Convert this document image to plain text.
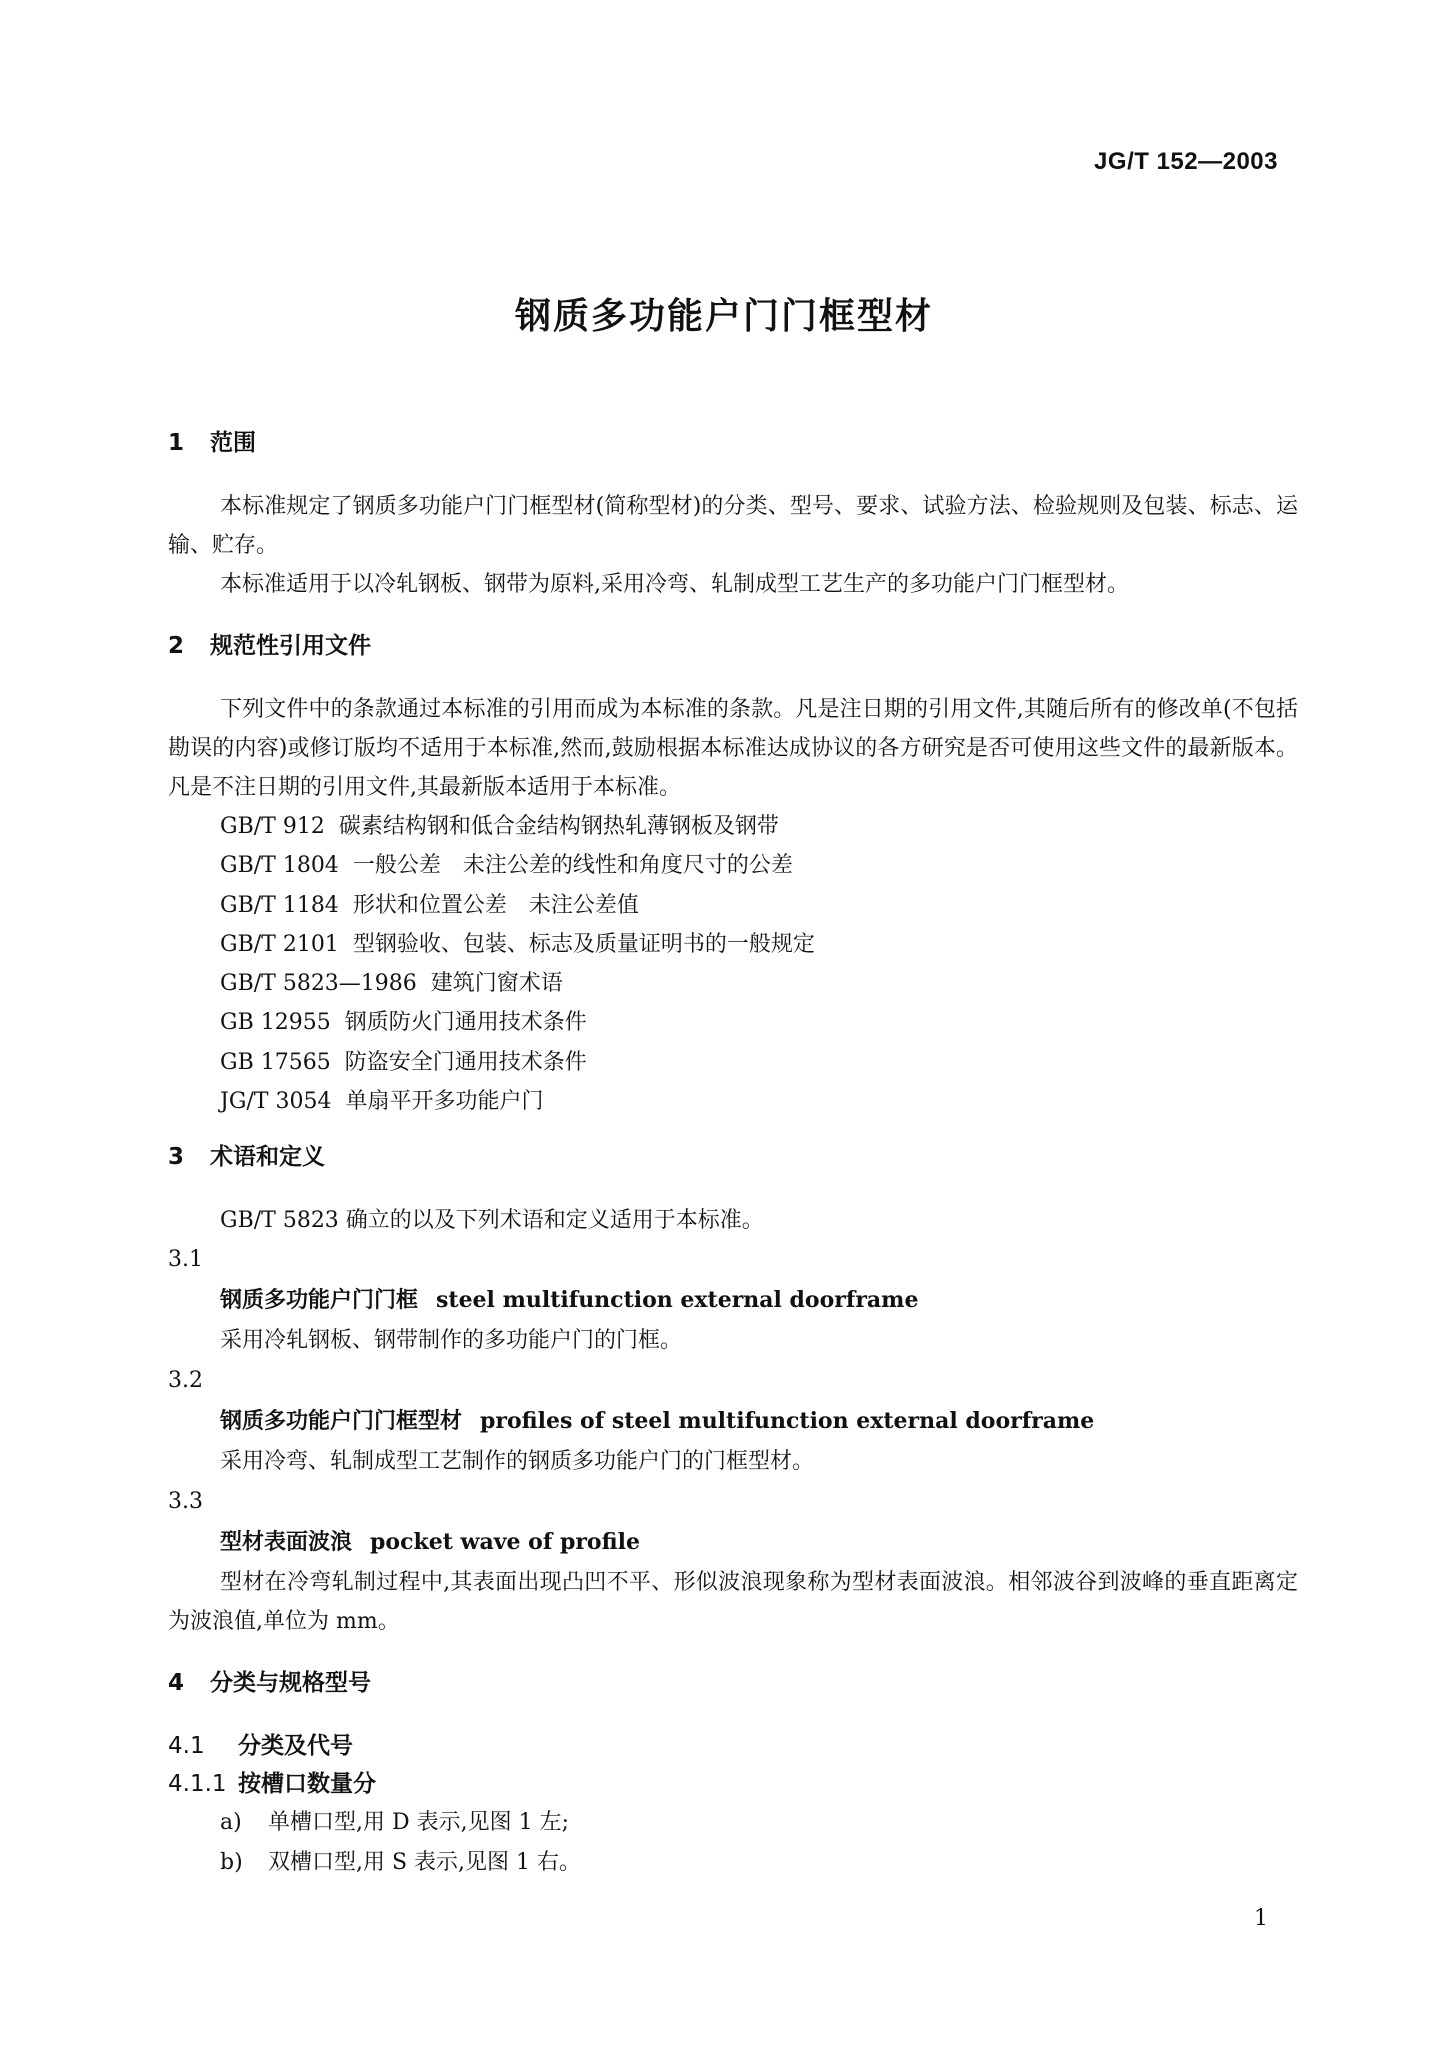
JG/T 152—2003
钢质多功能户门门框型材
1 范围

本标准规定了钢质多功能户门门框型材(简称型材)的分类、型号、要求、试验方法、检验规则及包装、标志、运输、贮存。

本标准适用于以冷轧钢板、钢带为原料,采用冷弯、轧制成型工艺生产的多功能户门门框型材。

2 规范性引用文件

下列文件中的条款通过本标准的引用而成为本标准的条款。凡是注日期的引用文件,其随后所有的修改单(不包括勘误的内容)或修订版均不适用于本标准,然而,鼓励根据本标准达成协议的各方研究是否可使用这些文件的最新版本。凡是不注日期的引用文件,其最新版本适用于本标准。

GB/T 912 碳素结构钢和低合金结构钢热轧薄钢板及钢带
GB/T 1804 一般公差　未注公差的线性和角度尺寸的公差
GB/T 1184 形状和位置公差　未注公差值
GB/T 2101 型钢验收、包装、标志及质量证明书的一般规定
GB/T 5823—1986 建筑门窗术语
GB 12955 钢质防火门通用技术条件
GB 17565 防盗安全门通用技术条件
JG/T 3054 单扇平开多功能户门
3 术语和定义

GB/T 5823 确立的以及下列术语和定义适用于本标准。

3.1
钢质多功能户门门框 steel multifunction external doorframe
采用冷轧钢板、钢带制作的多功能户门的门框。
3.2
钢质多功能户门门框型材 profiles of steel multifunction external doorframe
采用冷弯、轧制成型工艺制作的钢质多功能户门的门框型材。
3.3
型材表面波浪 pocket wave of profile

型材在冷弯轧制过程中,其表面出现凸凹不平、形似波浪现象称为型材表面波浪。相邻波谷到波峰的垂直距离定为波浪值,单位为 mm。

4 分类与规格型号
4.1 分类及代号
4.1.1 按槽口数量分
a) 单槽口型,用 D 表示,见图 1 左;
b) 双槽口型,用 S 表示,见图 1 右。
1
